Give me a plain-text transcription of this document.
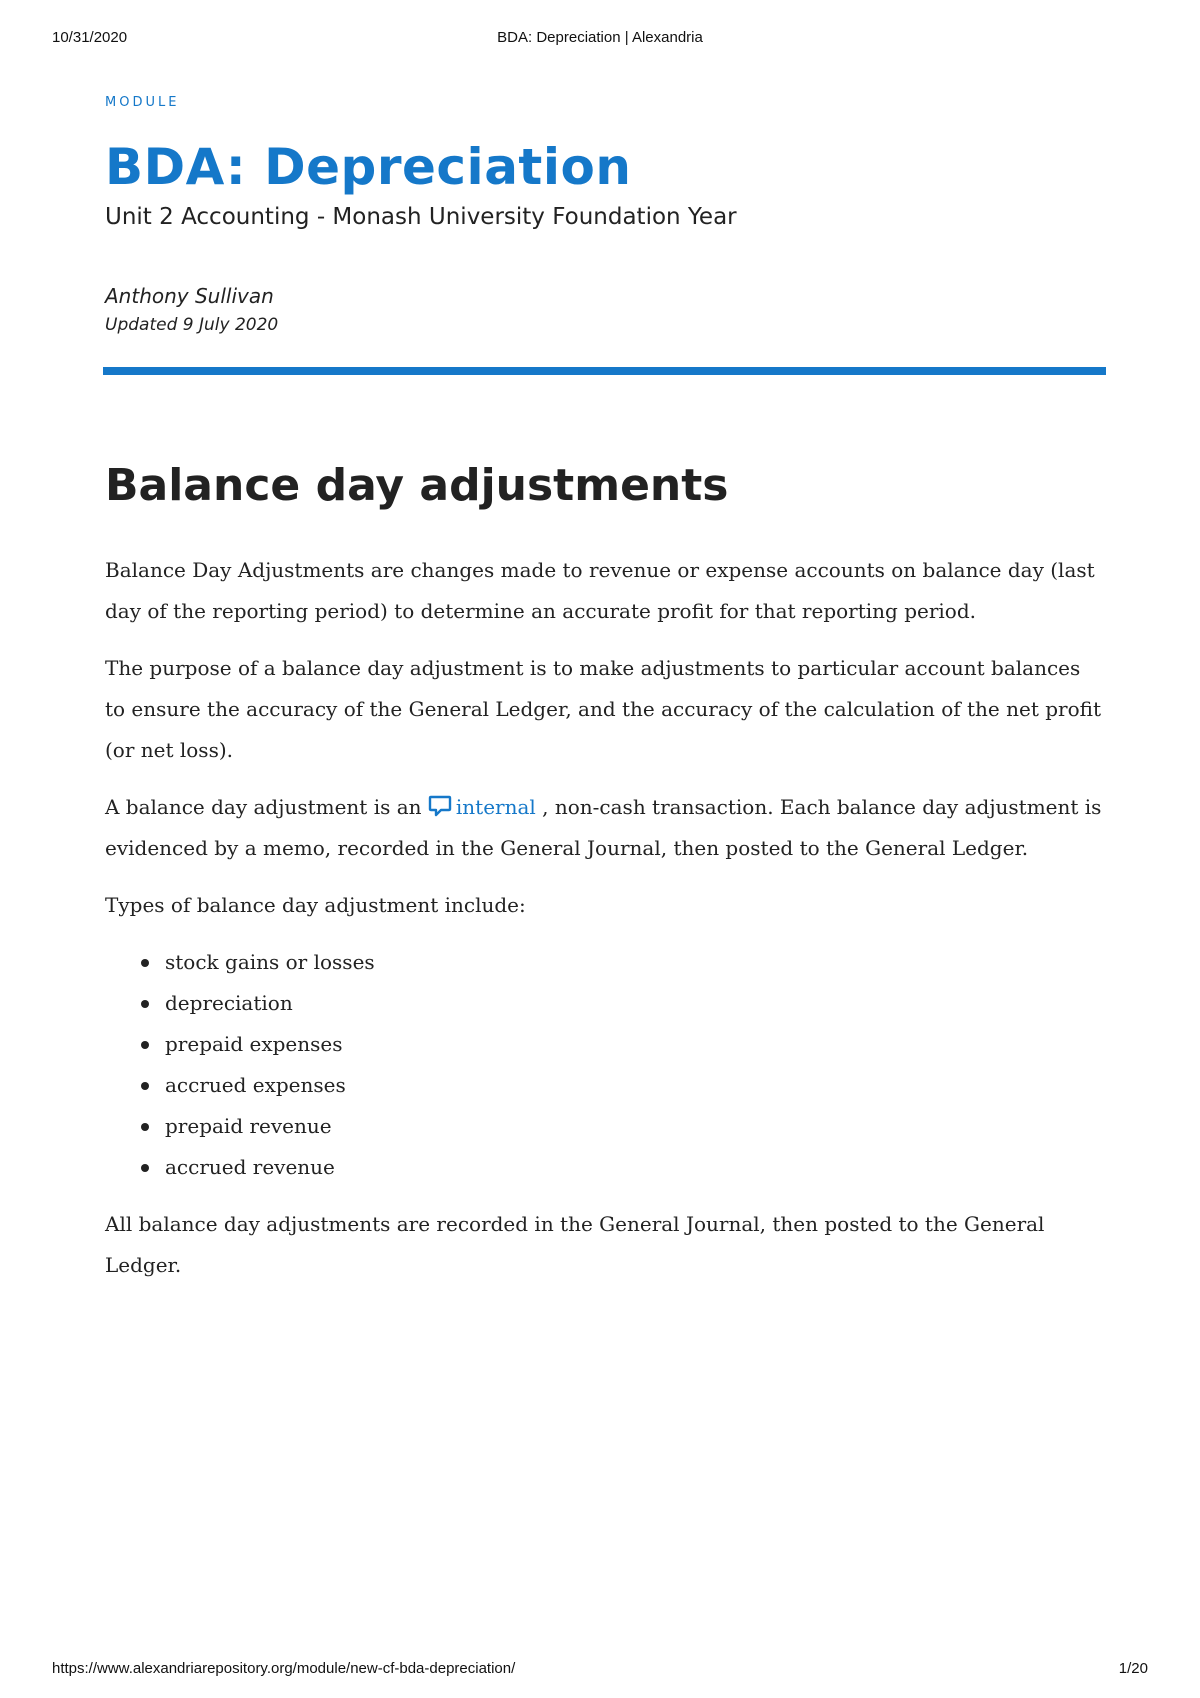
10/31/2020	BDA: Depreciation | Alexandria
MODULE
BDA: Depreciation
Unit 2 Accounting - Monash University Foundation Year
Anthony Sullivan
Updated 9 July 2020
Balance day adjustments

Balance Day Adjustments are changes made to revenue or expense accounts on balance day (last day of the reporting period) to determine an accurate profit for that reporting period.

The purpose of a balance day adjustment is to make adjustments to particular account balances to ensure the accuracy of the General Ledger, and the accuracy of the calculation of the net profit (or net loss).

A balance day adjustment is an internal , non-cash transaction. Each balance day adjustment is evidenced by a memo, recorded in the General Journal, then posted to the General Ledger.

Types of balance day adjustment include:

stock gains or losses
depreciation
prepaid expenses
accrued expenses
prepaid revenue
accrued revenue

All balance day adjustments are recorded in the General Journal, then posted to the General Ledger.

https://www.alexandriarepository.org/module/new-cf-bda-depreciation/	1/20
